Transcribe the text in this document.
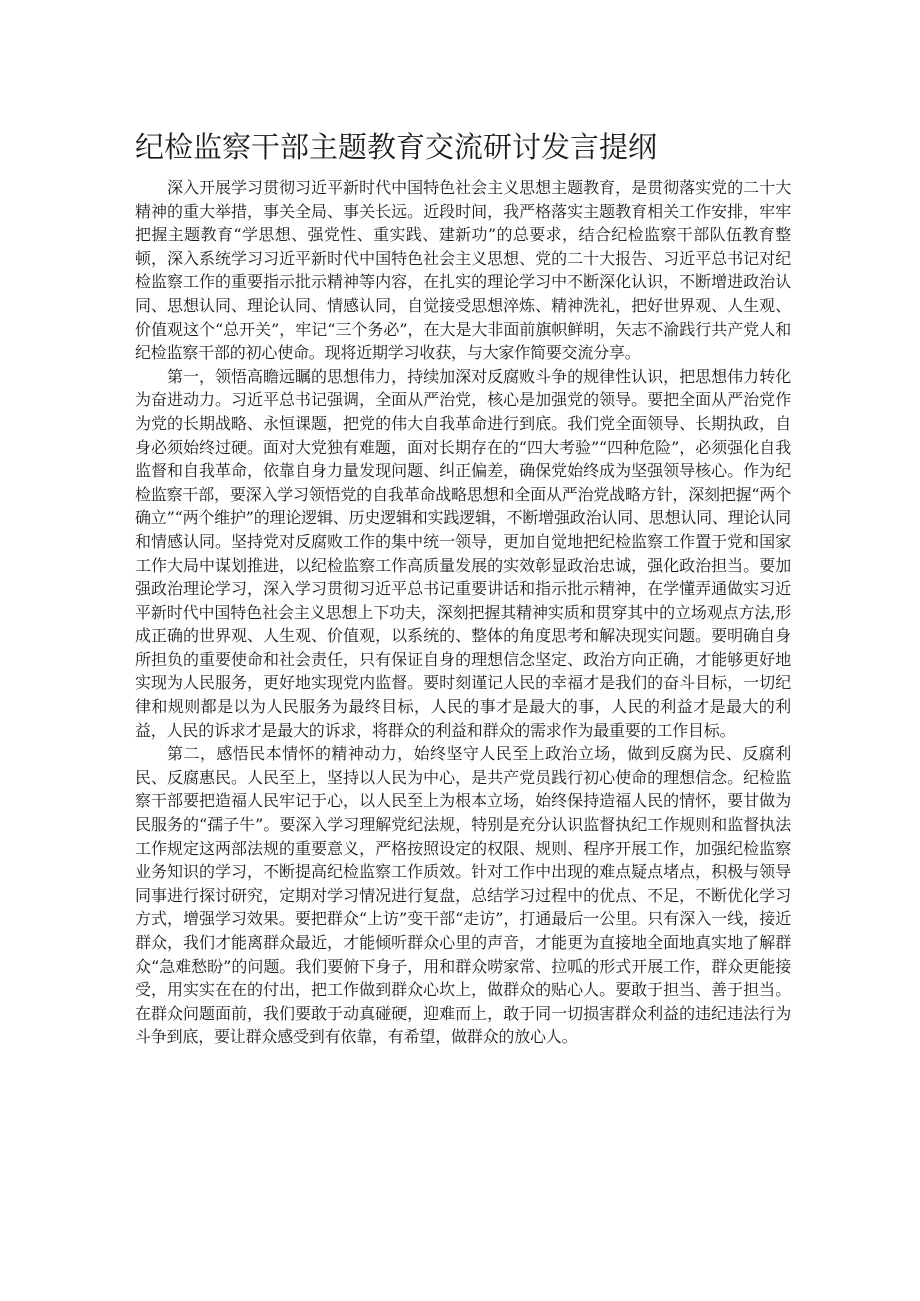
纪检监察干部主题教育交流研讨发言提纲

深入开展学习贯彻习近平新时代中国特色社会主义思想主题教育，是贯彻落实党的二十大精神的重大举措，事关全局、事关长远。近段时间，我严格落实主题教育相关工作安排，牢牢把握主题教育“学思想、强党性、重实践、建新功”的总要求，结合纪检监察干部队伍教育整顿，深入系统学习习近平新时代中国特色社会主义思想、党的二十大报告、习近平总书记对纪检监察工作的重要指示批示精神等内容，在扎实的理论学习中不断深化认识，不断增进政治认同、思想认同、理论认同、情感认同，自觉接受思想淬炼、精神洗礼，把好世界观、人生观、价值观这个“总开关”，牢记“三个务必”，在大是大非面前旗帜鲜明，矢志不渝践行共产党人和纪检监察干部的初心使命。现将近期学习收获，与大家作简要交流分享。

第一，领悟高瞻远瞩的思想伟力，持续加深对反腐败斗争的规律性认识，把思想伟力转化为奋进动力。习近平总书记强调，全面从严治党，核心是加强党的领导。要把全面从严治党作为党的长期战略、永恒课题，把党的伟大自我革命进行到底。我们党全面领导、长期执政，自身必须始终过硬。面对大党独有难题，面对长期存在的“四大考验”“四种危险”，必须强化自我监督和自我革命，依靠自身力量发现问题、纠正偏差，确保党始终成为坚强领导核心。作为纪检监察干部，要深入学习领悟党的自我革命战略思想和全面从严治党战略方针，深刻把握“两个确立”“两个维护”的理论逻辑、历史逻辑和实践逻辑，不断增强政治认同、思想认同、理论认同和情感认同。坚持党对反腐败工作的集中统一领导，更加自觉地把纪检监察工作置于党和国家工作大局中谋划推进，以纪检监察工作高质量发展的实效彰显政治忠诚，强化政治担当。要加强政治理论学习，深入学习贯彻习近平总书记重要讲话和指示批示精神，在学懂弄通做实习近平新时代中国特色社会主义思想上下功夫，深刻把握其精神实质和贯穿其中的立场观点方法,形成正确的世界观、人生观、价值观，以系统的、整体的角度思考和解决现实问题。要明确自身所担负的重要使命和社会责任，只有保证自身的理想信念坚定、政治方向正确，才能够更好地实现为人民服务，更好地实现党内监督。要时刻谨记人民的幸福才是我们的奋斗目标，一切纪律和规则都是以为人民服务为最终目标，人民的事才是最大的事，人民的利益才是最大的利益，人民的诉求才是最大的诉求，将群众的利益和群众的需求作为最重要的工作目标。

第二，感悟民本情怀的精神动力，始终坚守人民至上政治立场，做到反腐为民、反腐利民、反腐惠民。人民至上，坚持以人民为中心，是共产党员践行初心使命的理想信念。纪检监察干部要把造福人民牢记于心，以人民至上为根本立场，始终保持造福人民的情怀，要甘做为民服务的“孺子牛”。要深入学习理解党纪法规，特别是充分认识监督执纪工作规则和监督执法工作规定这两部法规的重要意义，严格按照设定的权限、规则、程序开展工作，加强纪检监察业务知识的学习，不断提高纪检监察工作质效。针对工作中出现的难点疑点堵点，积极与领导同事进行探讨研究，定期对学习情况进行复盘，总结学习过程中的优点、不足，不断优化学习方式，增强学习效果。要把群众“上访”变干部“走访”，打通最后一公里。只有深入一线，接近群众，我们才能离群众最近，才能倾听群众心里的声音，才能更为直接地全面地真实地了解群众“急难愁盼”的问题。我们要俯下身子，用和群众唠家常、拉呱的形式开展工作，群众更能接受，用实实在在的付出，把工作做到群众心坎上，做群众的贴心人。要敢于担当、善于担当。在群众问题面前，我们要敢于动真碰硬，迎难而上，敢于同一切损害群众利益的违纪违法行为斗争到底，要让群众感受到有依靠，有希望，做群众的放心人。
